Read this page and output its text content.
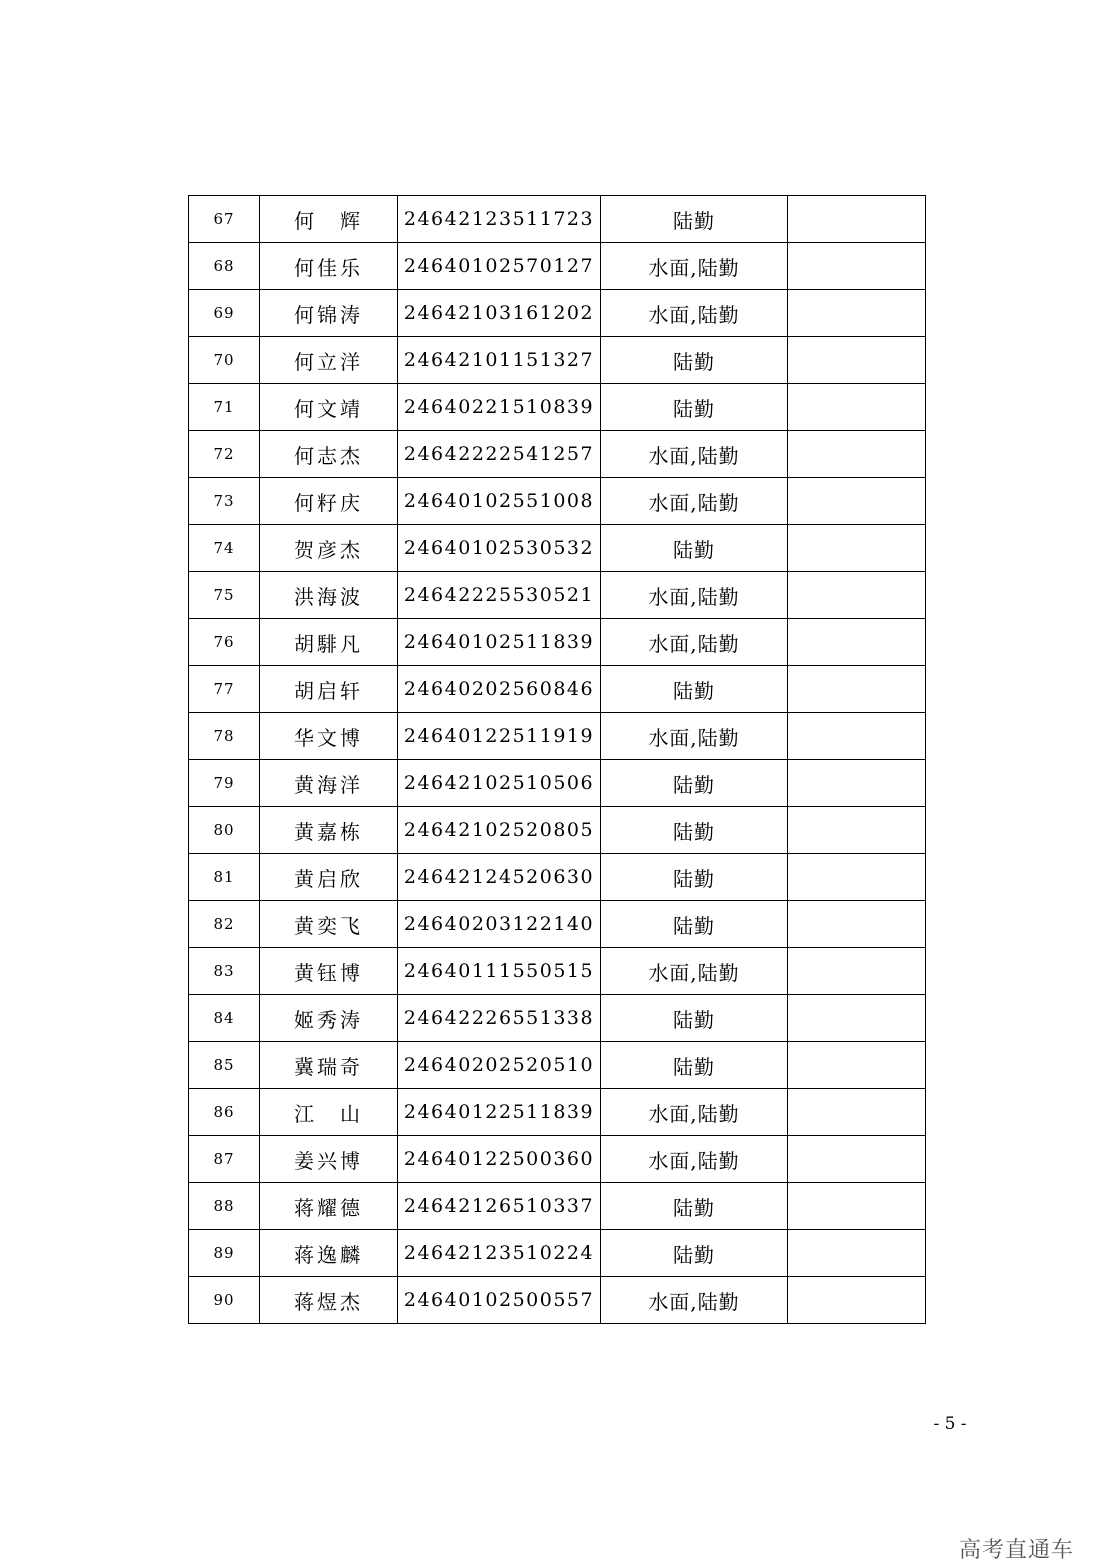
67	何　辉	24642123511723	陆勤	
68	何佳乐	24640102570127	水面,陆勤	
69	何锦涛	24642103161202	水面,陆勤	
70	何立洋	24642101151327	陆勤	
71	何文靖	24640221510839	陆勤	
72	何志杰	24642222541257	水面,陆勤	
73	何籽庆	24640102551008	水面,陆勤	
74	贺彦杰	24640102530532	陆勤	
75	洪海波	24642225530521	水面,陆勤	
76	胡騑凡	24640102511839	水面,陆勤	
77	胡启轩	24640202560846	陆勤	
78	华文博	24640122511919	水面,陆勤	
79	黄海洋	24642102510506	陆勤	
80	黄嘉栋	24642102520805	陆勤	
81	黄启欣	24642124520630	陆勤	
82	黄奕飞	24640203122140	陆勤	
83	黄钰博	24640111550515	水面,陆勤	
84	姬秀涛	24642226551338	陆勤	
85	冀瑞奇	24640202520510	陆勤	
86	江　山	24640122511839	水面,陆勤	
87	姜兴博	24640122500360	水面,陆勤	
88	蒋耀德	24642126510337	陆勤	
89	蒋逸麟	24642123510224	陆勤	
90	蒋煜杰	24640102500557	水面,陆勤	
- 5 -
高考直通车
